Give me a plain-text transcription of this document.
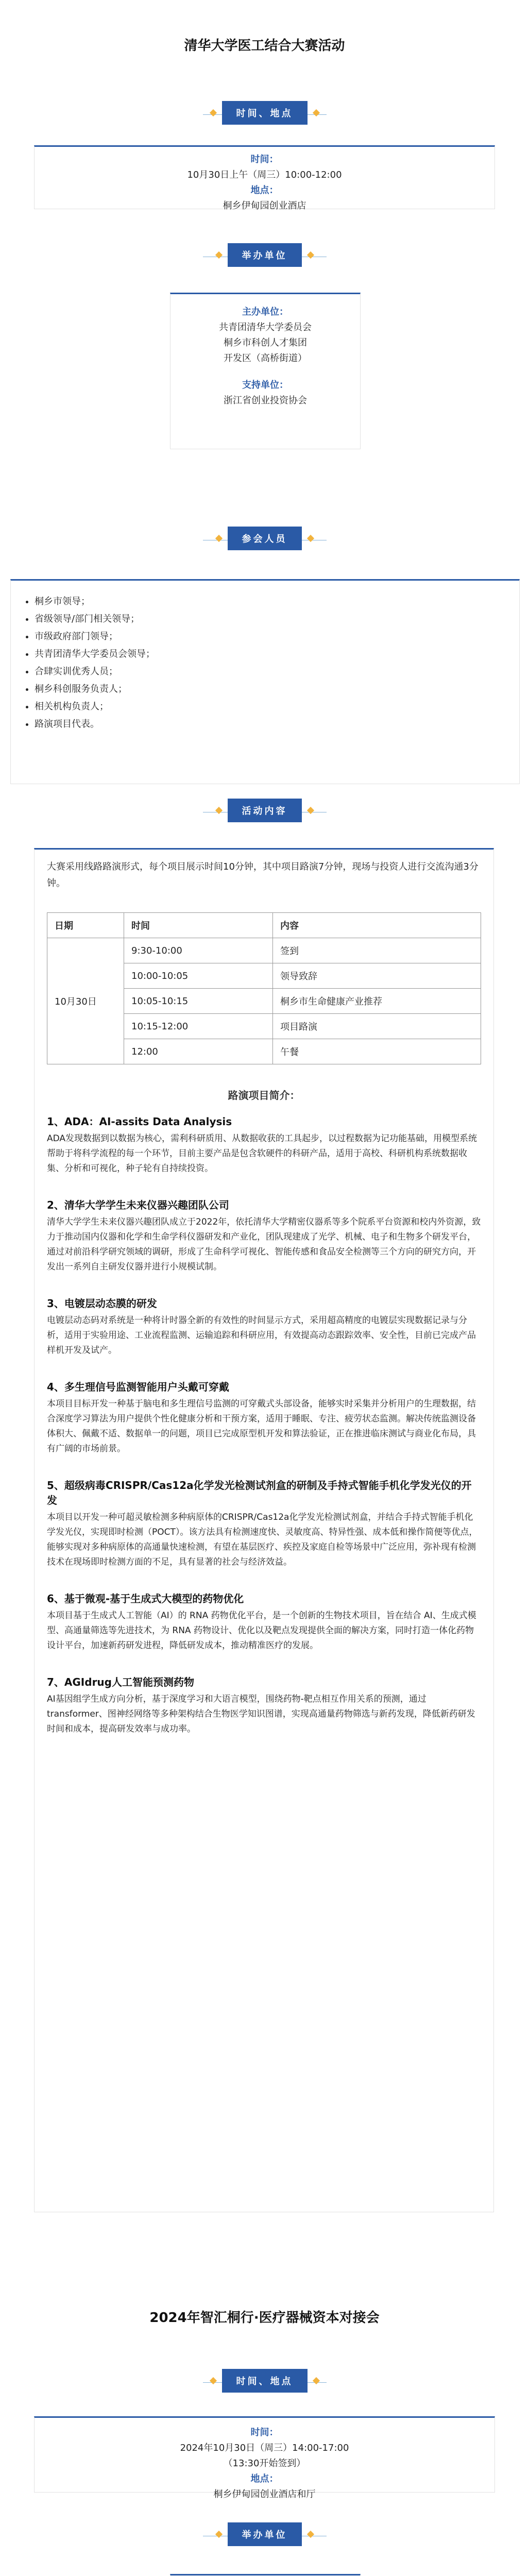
清华大学医工结合大赛活动
时间、地点
时间：
10月30日上午（周三）10:00-12:00
地点：
桐乡伊甸园创业酒店
举办单位
主办单位：
共青团清华大学委员会
桐乡市科创人才集团
开发区（高桥街道）
支持单位：
浙江省创业投资协会
参会人员
• 桐乡市领导；
• 省级领导/部门相关领导；
• 市级政府部门领导；
• 共青团清华大学委员会领导；
• 合肆实训优秀人员；
• 桐乡科创服务负责人；
• 相关机构负责人；
• 路演项目代表。
活动内容
大赛采用线路路演形式，每个项目展示时间10分钟，其中项目路演7分钟，现场与投资人进行交流沟通3分钟。
日期	时间	内容
10月30日	9:30-10:00	签到
	10:00-10:05	领导致辞
	10:05-10:15	桐乡市生命健康产业推荐
	10:15-12:00	项目路演
	12:00	午餐
路演项目简介：
1、ADA：AI-assits Data Analysis
ADA发现数据到以数据为核心，需利科研质用、从数据收获的工具起步，以过程数据为记功能基础，用模型系统帮助于将科学流程的每一个环节，目前主要产品是包含软硬件的科研产品，适用于高校、科研机构系统数据收集、分析和可视化，种子轮有自持续投资。
2、清华大学学生未来仪器兴趣团队公司
清华大学学生未来仪器兴趣团队成立于2022年，依托清华大学精密仪器系等多个院系平台资源和校内外资源，致力于推动国内仪器和化学和生命学科仪器研发和产业化，团队现建成了光学、机械、电子和生物多个研发平台，通过对前沿科学研究领域的调研，形成了生命科学可视化、智能传感和食品安全检测等三个方向的研究方向，开发出一系列自主研发仪器并进行小规模试制。
3、电镀层动态膜的研发
电镀层动态码对系统是一种将计时器全新的有效性的时间显示方式，采用超高精度的电镀层实现数据记录与分析，适用于实验用途、工业流程监测、运输追踪和科研应用，有效提高动态跟踪效率、安全性，目前已完成产品样机开发及试产。
4、多生理信号监测智能用户头戴可穿戴
本项目目标开发一种基于脑电和多生理信号监测的可穿戴式头部设备，能够实时采集并分析用户的生理数据，结合深度学习算法为用户提供个性化健康分析和干预方案，适用于睡眠、专注、疲劳状态监测。解决传统监测设备体积大、佩戴不适、数据单一的问题，项目已完成原型机开发和算法验证，正在推进临床测试与商业化布局，具有广阔的市场前景。
5、超级病毒CRISPR/Cas12a化学发光检测试剂盒的研制及手持式智能手机化学发光仪的开发
本项目以开发一种可超灵敏检测多种病原体的CRISPR/Cas12a化学发光检测试剂盒，并结合手持式智能手机化学发光仪，实现即时检测（POCT）。该方法具有检测速度快、灵敏度高、特异性强、成本低和操作简便等优点，能够实现对多种病原体的高通量快速检测，有望在基层医疗、疾控及家庭自检等场景中广泛应用，弥补现有检测技术在现场即时检测方面的不足，具有显著的社会与经济效益。
6、基于微观-基于生成式大模型的药物优化
本项目基于生成式人工智能（AI）的 RNA 药物优化平台，是一个创新的生物技术项目，旨在结合 AI、生成式模型、高通量筛选等先进技术，为 RNA 药物设计、优化以及靶点发现提供全面的解决方案，同时打造一体化药物设计平台，加速新药研发进程，降低研发成本，推动精准医疗的发展。
7、AGIdrug人工智能预测药物
AI基因组学生成方向分析，基于深度学习和大语言模型，围绕药物-靶点相互作用关系的预测，通过transformer、图神经网络等多种架构结合生物医学知识图谱，实现高通量药物筛选与新药发现，降低新药研发时间和成本，提高研发效率与成功率。
2024年智汇桐行·医疗器械资本对接会
时间、地点
时间：
2024年10月30日（周三）14:00-17:00
（13:30开始签到）
地点：
桐乡伊甸园创业酒店和厅
举办单位
